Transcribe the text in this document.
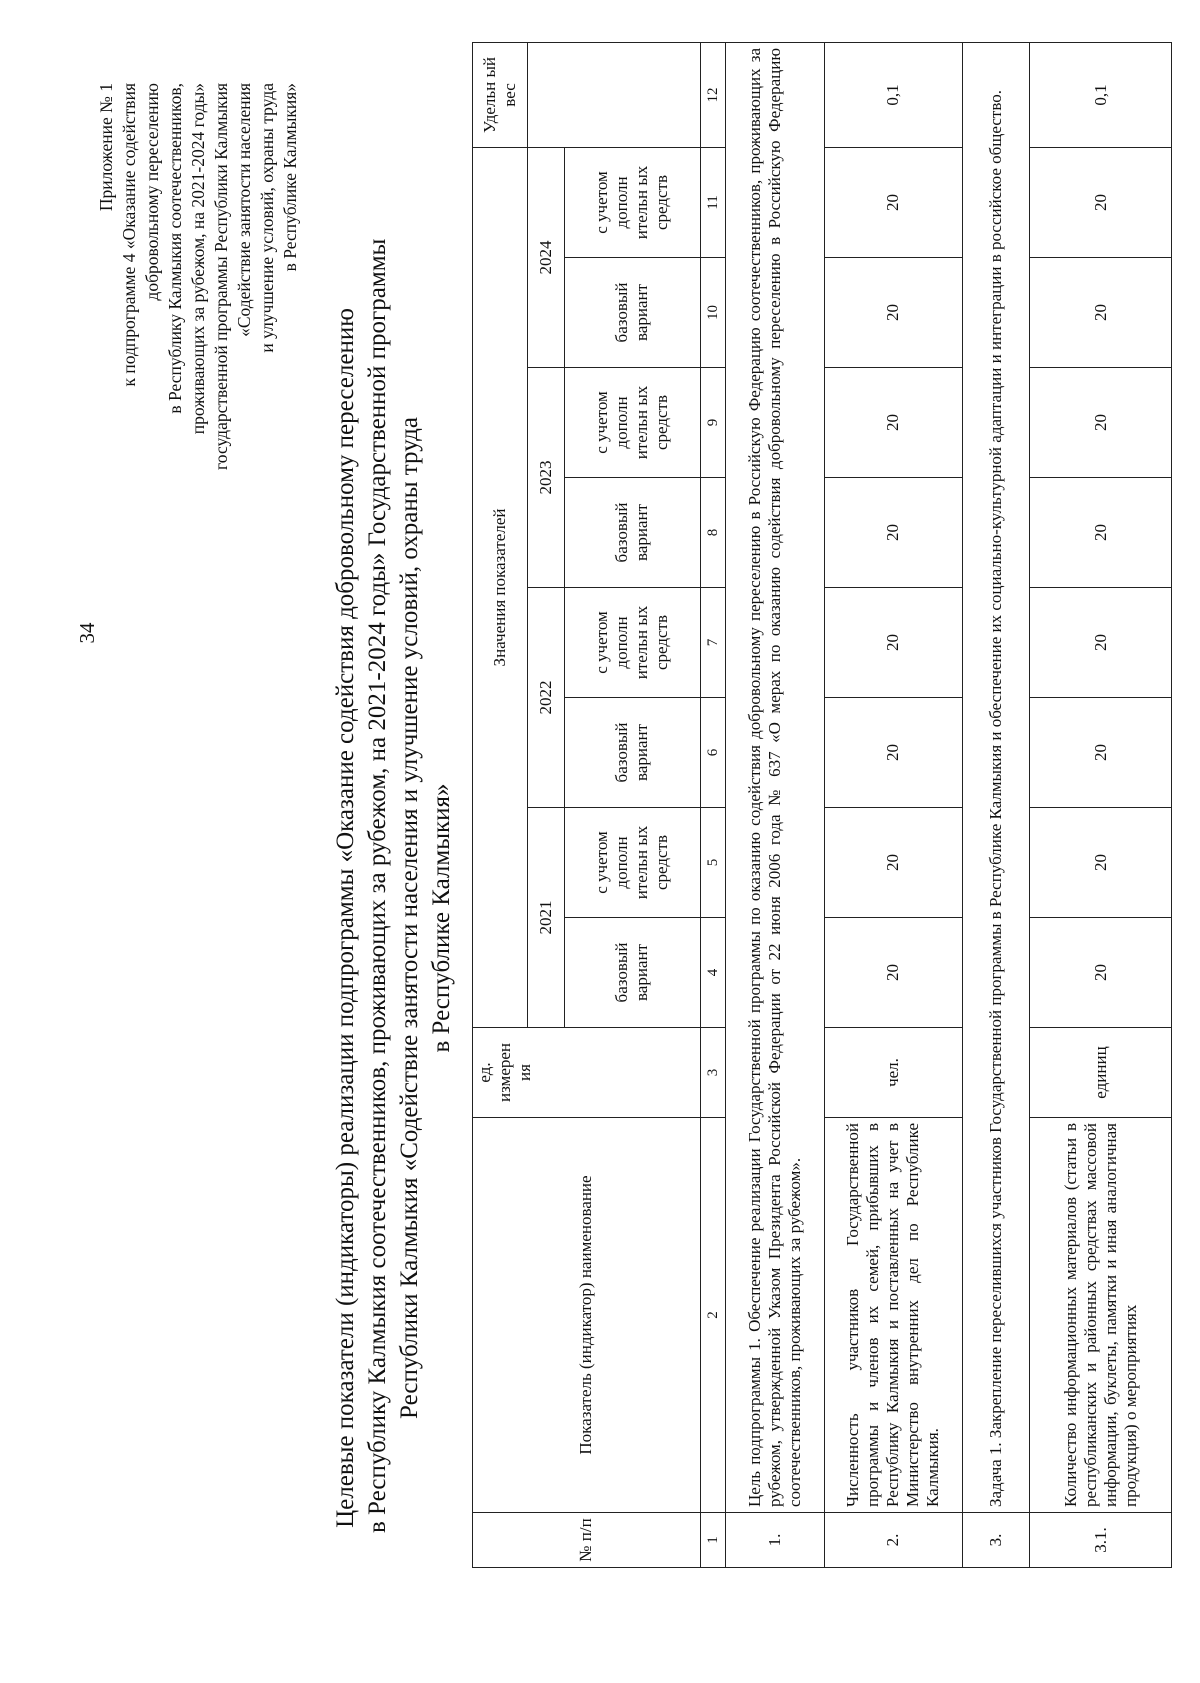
34
Приложение № 1 к подпрограмме 4 «Оказание содействия добровольному переселению в Республику Калмыкия соотечественников, проживающих за рубежом, на 2021-2024 годы» государственной программы Республики Калмыкия «Содействие занятости населения и улучшение условий, охраны труда в Республике Калмыкия»
Целевые показатели (индикаторы) реализации подпрограммы «Оказание содействия добровольному переселению в Республику Калмыкия соотечественников, проживающих за рубежом, на 2021-2024 годы» Государственной программы Республики Калмыкия «Содействие занятости населения и улучшение условий, охраны труда в Республике Калмыкия»
№ п/п	Показатель (индикатор) наименование	ед. измерен ия	Значения показателей								Удельн ый вес
			2021		2022		2023		2024		
			базовый вариант	с учетом дополн ительн ых средств	базовый вариант	с учетом дополн ительн ых средств	базовый вариант	с учетом дополн ительн ых средств	базовый вариант	с учетом дополн ительн ых средств	
1	2	3	4	5	6	7	8	9	10	11	12
1.	Цель подпрограммы 1. Обеспечение реализации Государственной программы по оказанию содействия добровольному переселению в Российскую Федерацию соотечественников, проживающих за рубежом, утвержденной Указом Президента Российской Федерации от 22 июня 2006 года № 637 «О мерах по оказанию содействия добровольному переселению в Российскую Федерацию соотечественников, проживающих за рубежом».										
2.	Численность участников Государственной программы и членов их семей, прибывших в Республику Калмыкия и поставленных на учет в Министерство внутренних дел по Республике Калмыкия.	чел.	20	20	20	20	20	20	20	20	0,1
3.	Задача 1. Закрепление переселившихся участников Государственной программы в Республике Калмыкия и обеспечение их социально-культурной адаптации и интеграции в российское общество.										
3.1.	Количество информационных материалов (статьи в республиканских и районных средствах массовой информации, буклеты, памятки и иная аналогичная продукция) о мероприятиях	единиц	20	20	20	20	20	20	20	20	0,1
